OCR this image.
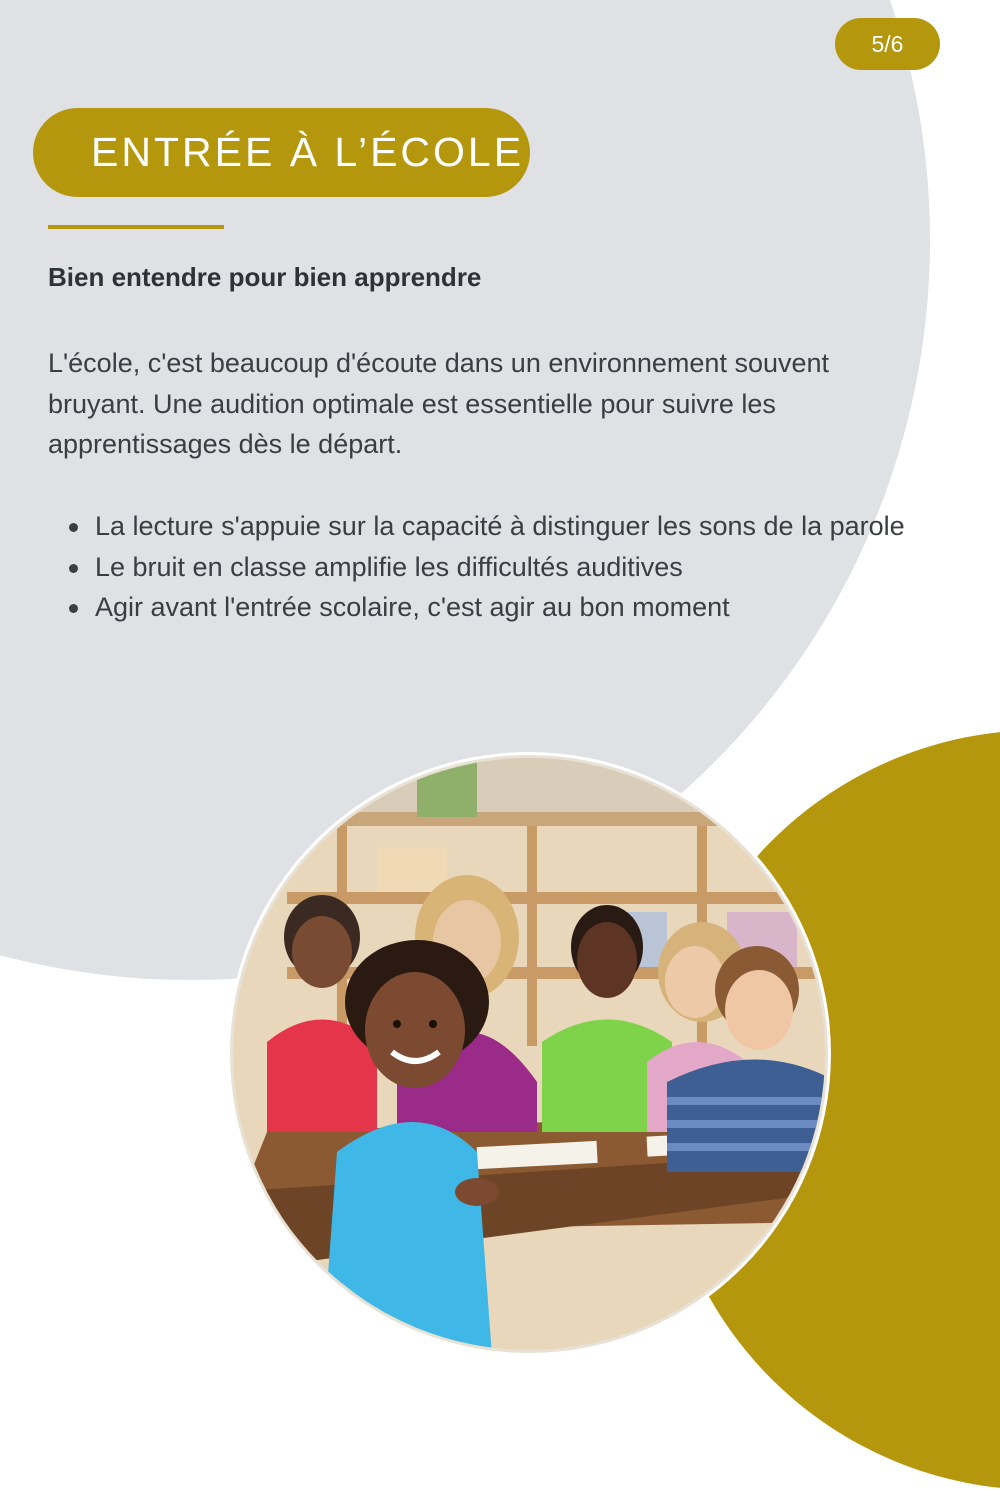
5/6
ENTRÉE À L’ÉCOLE
Bien entendre pour bien apprendre

L'école, c'est beaucoup d'écoute dans un environnement souvent bruyant. Une audition optimale est essentielle pour suivre les apprentissages dès le départ.

La lecture s'appuie sur la capacité à distinguer les sons de la parole
Le bruit en classe amplifie les difficultés auditives
Agir avant l'entrée scolaire, c'est agir au bon moment
